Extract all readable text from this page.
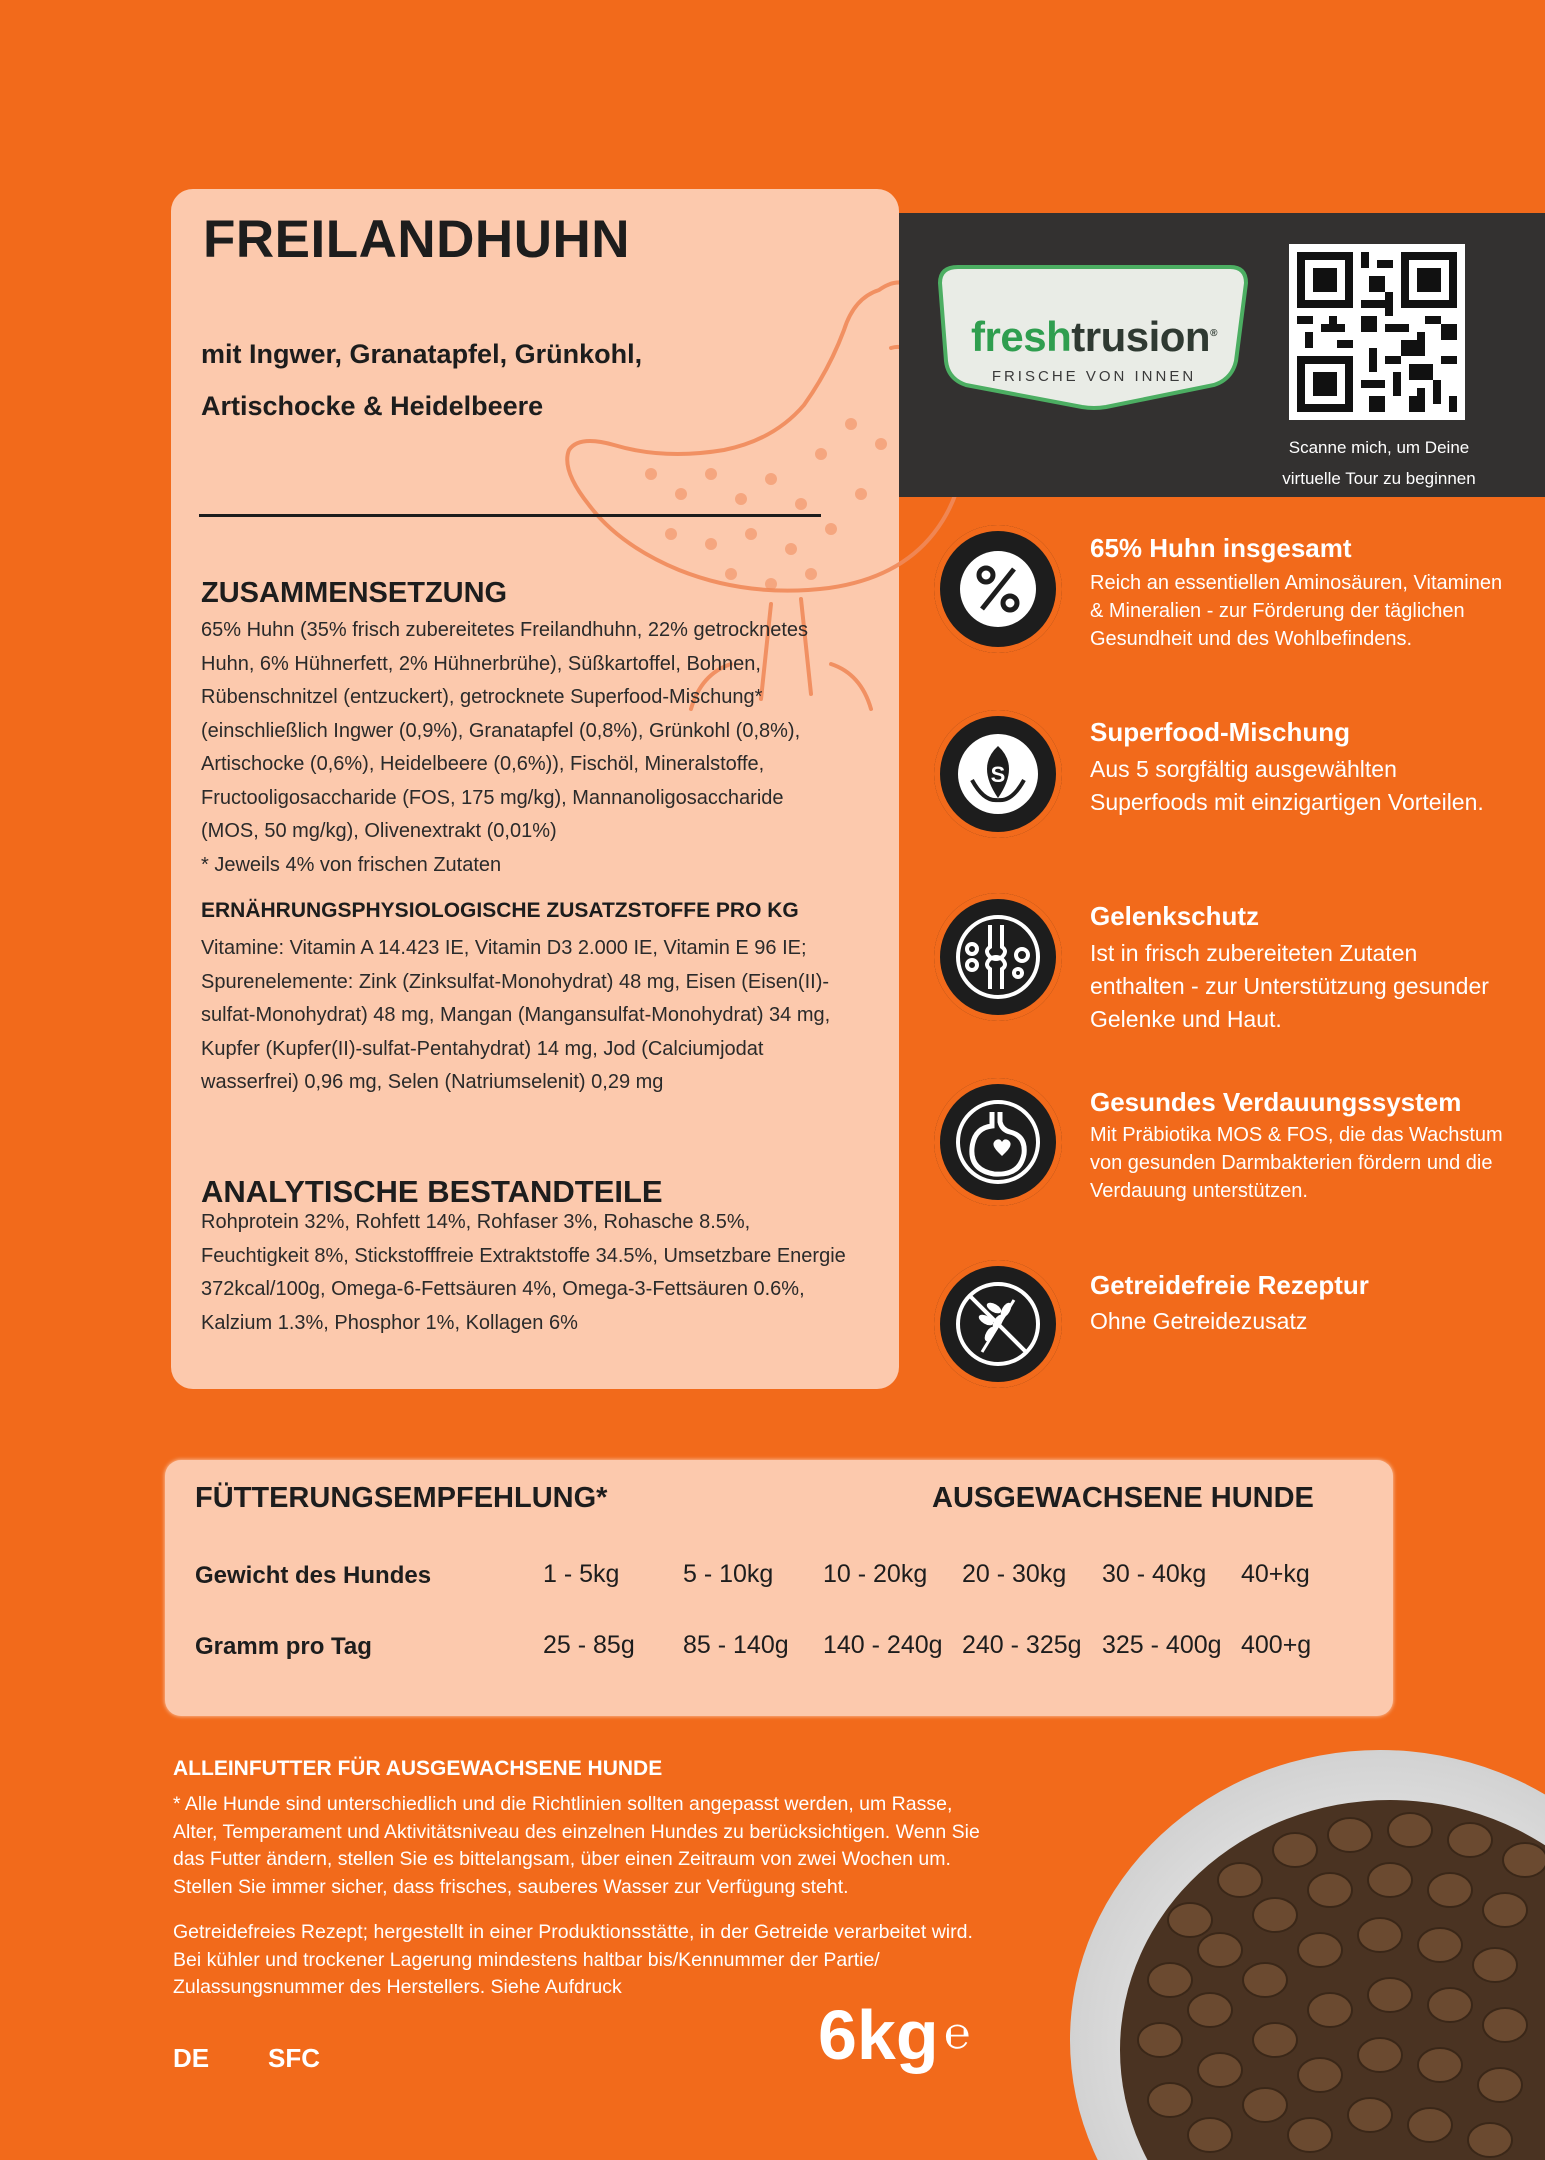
FREILANDHUHN
mit Ingwer, Granatapfel, Grünkohl,
Artischocke & Heidelbeere
ZUSAMMENSETZUNG
65% Huhn (35% frisch zubereitetes Freilandhuhn, 22% getrocknetes Huhn, 6% Hühnerfett, 2% Hühnerbrühe), Süßkartoffel, Bohnen, Rübenschnitzel (entzuckert), getrocknete Superfood-Mischung* (einschließlich Ingwer (0,9%), Granatapfel (0,8%), Grünkohl (0,8%), Artischocke (0,6%), Heidelbeere (0,6%)), Fischöl, Mineralstoffe, Fructooligosaccharide (FOS, 175 mg/kg), Mannanoligosaccharide (MOS, 50 mg/kg), Olivenextrakt (0,01%)
* Jeweils 4% von frischen Zutaten
ERNÄHRUNGSPHYSIOLOGISCHE ZUSATZSTOFFE PRO KG
Vitamine: Vitamin A 14.423 IE, Vitamin D3 2.000 IE, Vitamin E 96 IE; Spurenelemente: Zink (Zinksulfat-Monohydrat) 48 mg, Eisen (Eisen(II)-sulfat-Monohydrat) 48 mg, Mangan (Mangansulfat-Monohydrat) 34 mg, Kupfer (Kupfer(II)-sulfat-Pentahydrat) 14 mg, Jod (Calciumjodat wasserfrei) 0,96 mg, Selen (Natriumselenit) 0,29 mg
ANALYTISCHE BESTANDTEILE
Rohprotein 32%, Rohfett 14%, Rohfaser 3%, Rohasche 8.5%, Feuchtigkeit 8%, Stickstofffreie Extraktstoffe 34.5%, Umsetzbare Energie 372kcal/100g, Omega-6-Fettsäuren 4%, Omega-3-Fettsäuren 0.6%, Kalzium 1.3%, Phosphor 1%, Kollagen 6%
freshtrusion®
FRISCHE VON INNEN
Scanne mich, um Deine
virtuelle Tour zu beginnen
65% Huhn insgesamt
Reich an essentiellen Aminosäuren, Vitaminen & Mineralien - zur Förderung der täglichen Gesundheit und des Wohlbefindens.
S
Superfood-Mischung
Aus 5 sorgfältig ausgewählten Superfoods mit einzigartigen Vorteilen.
Gelenkschutz
Ist in frisch zubereiteten Zutaten enthalten - zur Unterstützung gesunder Gelenke und Haut.
Gesundes Verdauungssystem
Mit Präbiotika MOS & FOS, die das Wachstum von gesunden Darmbakterien fördern und die Verdauung unterstützen.
Getreidefreie Rezeptur
Ohne Getreidezusatz
FÜTTERUNGSEMPFEHLUNG*	AUSGEWACHSENE HUNDE
Gewicht des Hundes	1 - 5kg	5 - 10kg 10 - 20kg 20 - 30kg 30 - 40kg 40+kg
Gramm pro Tag	25 - 85g 85 - 140g 140 - 240g 240 - 325g 325 - 400g 400+g
ALLEINFUTTER FÜR AUSGEWACHSENE HUNDE
* Alle Hunde sind unterschiedlich und die Richtlinien sollten angepasst werden, um Rasse, Alter, Temperament und Aktivitätsniveau des einzelnen Hundes zu berücksichtigen. Wenn Sie das Futter ändern, stellen Sie es bittelangsam, über einen Zeitraum von zwei Wochen um. Stellen Sie immer sicher, dass frisches, sauberes Wasser zur Verfügung steht.
Getreidefreies Rezept; hergestellt in einer Produktionsstätte, in der Getreide verarbeitet wird. Bei kühler und trockener Lagerung mindestens haltbar bis/Kennummer der Partie/ Zulassungsnummer des Herstellers. Siehe Aufdruck
DE SFC	6kg ℮
